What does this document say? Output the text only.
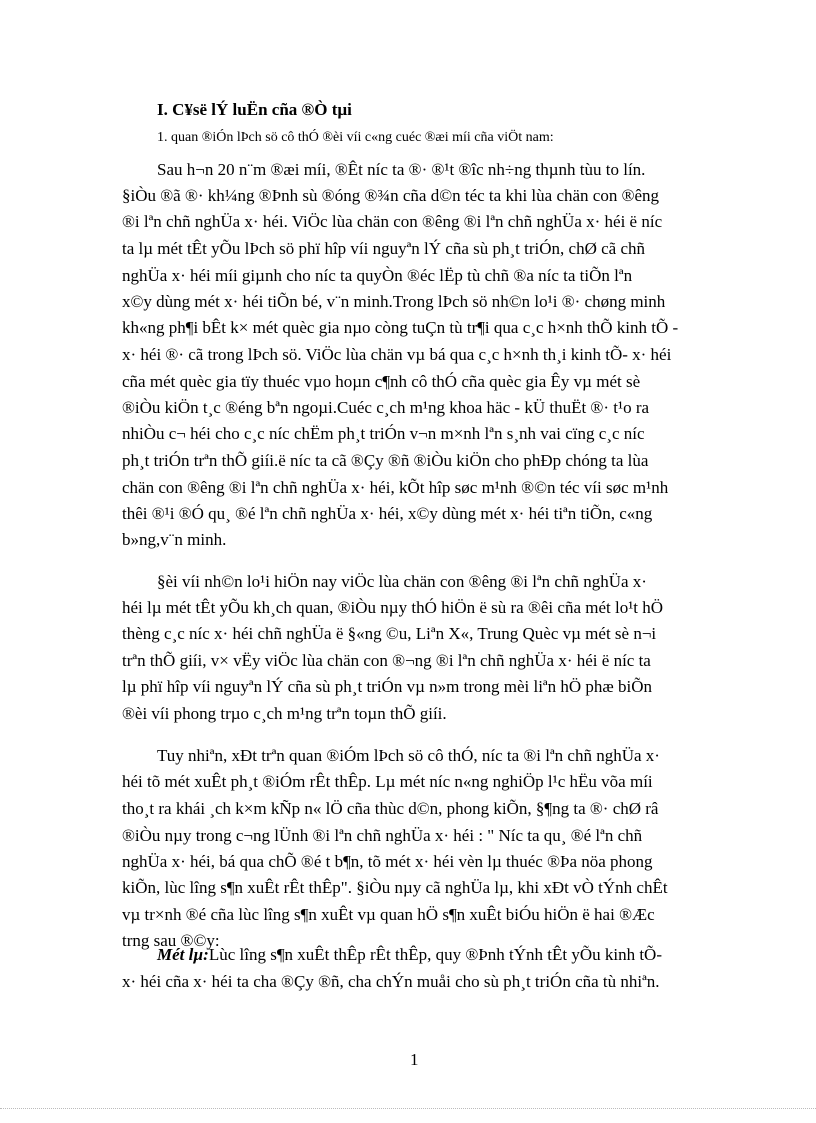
I. C¥së lÝ luËn cña ®Ò tµi
1. quan ®iÓn lÞch sö cô thÓ ®èi víi c«ng cuéc ®æi míi cña viÖt nam:
Sau h¬n 20 n¨m ®æi míi, ®Êt níc ta ®· ®¹t ®îc nh÷ng thµnh tùu to lín.
§iÒu ®ã ®· kh¼ng ®Þnh sù ®óng ®¾n cña d©n téc ta khi lùa chän con ®êng
®i lªn chñ nghÜa x· héi. ViÖc lùa chän con ®êng ®i lªn chñ nghÜa x· héi ë níc
ta lµ mét tÊt yÕu lÞch sö phï hîp víi nguyªn lÝ cña sù ph¸t triÓn, chØ cã chñ
nghÜa x· héi míi giµnh cho níc ta quyÒn ®éc lËp tù chñ ®a níc ta tiÕn lªn
x©y dùng mét x· héi tiÕn bé, v¨n minh.Trong lÞch sö nh©n lo¹i ®· chøng minh
kh«ng ph¶i bÊt k× mét quèc gia nµo còng tuÇn tù tr¶i qua c¸c h×nh thÕ kinh tÕ -
x· héi ®· cã trong lÞch sö. ViÖc lùa chän vµ bá qua c¸c h×nh th¸i kinh tÕ- x· héi
cña mét quèc gia tïy thuéc vµo hoµn c¶nh cô thÓ cña quèc gia Êy vµ mét sè
®iÒu kiÖn t¸c ®éng bªn ngoµi.Cuéc c¸ch m¹ng khoa häc - kÜ thuËt ®· t¹o ra
nhiÒu c¬ héi cho c¸c níc chËm ph¸t triÓn v¬n m×nh lªn s¸nh vai cïng c¸c níc
ph¸t triÓn trªn thÕ giíi.ë níc ta cã ®Çy ®ñ ®iÒu kiÖn cho phÐp chóng ta lùa
chän con ®êng ®i lªn chñ nghÜa x· héi, kÕt hîp søc m¹nh ®©n téc víi søc m¹nh
thêi ®¹i ®Ó qu¸ ®é lªn chñ nghÜa x· héi, x©y dùng mét x· héi tiªn tiÕn, c«ng
b»ng,v¨n minh.
§èi víi nh©n lo¹i hiÖn nay viÖc lùa chän con ®êng ®i lªn chñ nghÜa x·
héi lµ mét tÊt yÕu kh¸ch quan, ®iÒu nµy thÓ hiÖn ë sù ra ®êi cña mét lo¹t hÖ
thèng c¸c níc x· héi chñ nghÜa ë §«ng ©u, Liªn X«, Trung Quèc vµ mét sè n¬i
trªn thÕ giíi, v× vËy viÖc lùa chän con ®¬ng ®i lªn chñ nghÜa x· héi ë níc ta
lµ phï hîp víi nguyªn lÝ cña sù ph¸t triÓn vµ n»m trong mèi liªn hÖ phæ biÕn
®èi víi phong trµo c¸ch m¹ng trªn toµn thÕ giíi.
Tuy nhiªn, xÐt trªn quan ®iÓm lÞch sö cô thÓ, níc ta ®i lªn chñ nghÜa x·
héi tõ mét xuÊt ph¸t ®iÓm rÊt thÊp. Lµ mét níc n«ng nghiÖp l¹c hËu võa míi
tho¸t ra khái ¸ch k×m kÑp n« lÖ cña thùc d©n, phong kiÕn, §¶ng ta ®· chØ râ
®iÒu nµy trong c¬ng lÜnh ®i lªn chñ nghÜa x· héi : " Níc ta qu¸ ®é lªn chñ
nghÜa x· héi, bá qua chÕ ®é t b¶n, tõ mét x· héi vèn lµ thuéc ®Þa nöa phong
kiÕn, lùc lîng s¶n xuÊt rÊt thÊp". §iÒu nµy cã nghÜa lµ, khi xÐt vÒ tÝnh chÊt
vµ tr×nh ®é cña lùc lîng s¶n xuÊt vµ quan hÖ s¶n xuÊt biÓu hiÖn ë hai ®Æc
trng sau ®©y:
Mét lµ:Lùc lîng s¶n xuÊt thÊp rÊt thÊp, quy ®Þnh tÝnh tÊt yÕu kinh tÕ-
x· héi cña x· héi ta cha ®Çy ®ñ, cha chÝn muåi cho sù ph¸t triÓn cña tù nhiªn.
1
